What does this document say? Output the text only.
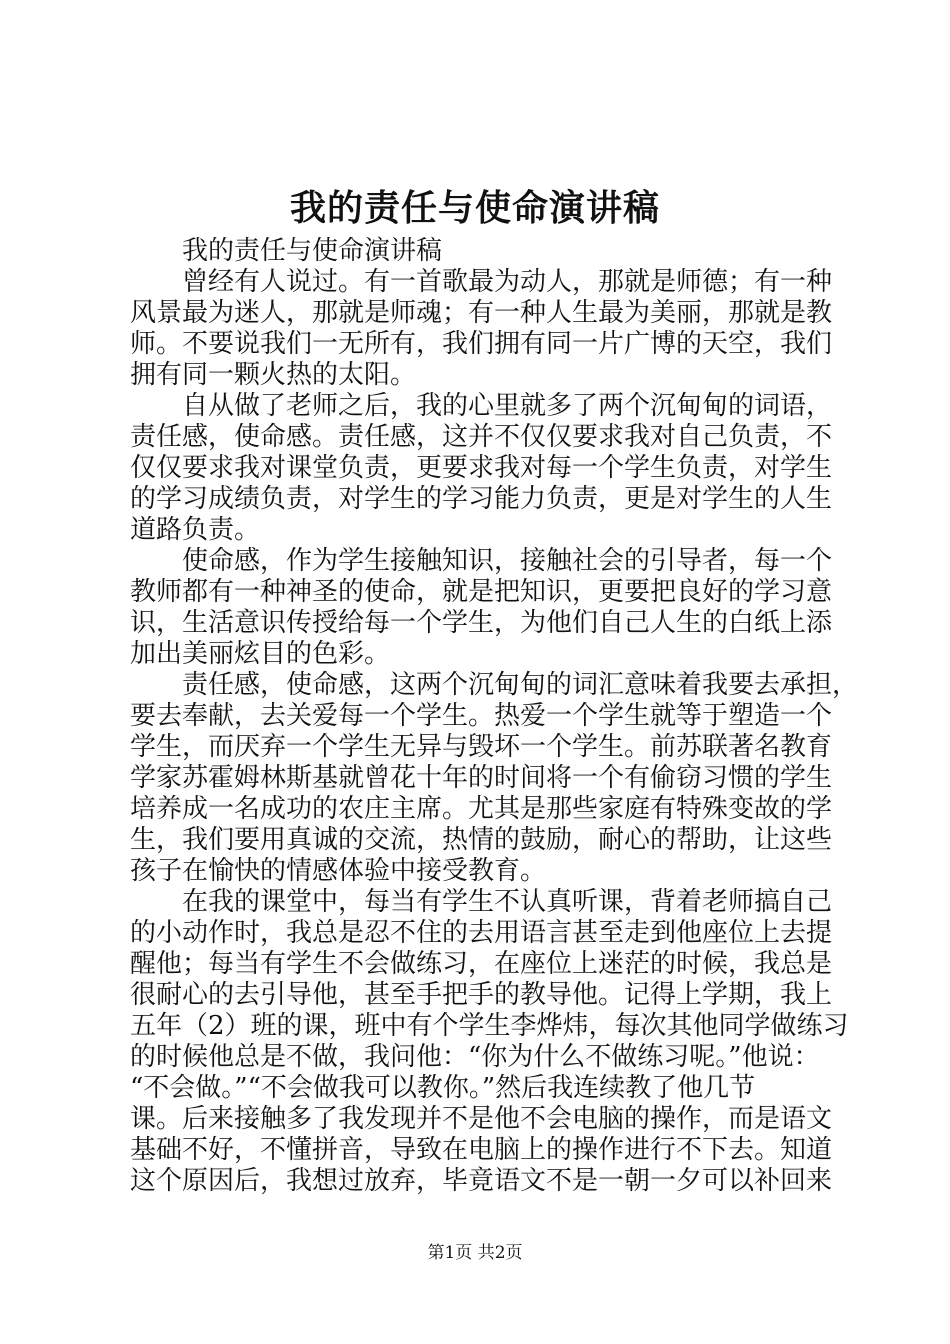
我的责任与使命演讲稿
我的责任与使命演讲稿
曾经有人说过。有一首歌最为动人，那就是师德；有一种
风景最为迷人，那就是师魂；有一种人生最为美丽，那就是教
师。不要说我们一无所有，我们拥有同一片广博的天空，我们
拥有同一颗火热的太阳。
自从做了老师之后，我的心里就多了两个沉甸甸的词语，
责任感，使命感。责任感，这并不仅仅要求我对自己负责，不
仅仅要求我对课堂负责，更要求我对每一个学生负责，对学生
的学习成绩负责，对学生的学习能力负责，更是对学生的人生
道路负责。
使命感，作为学生接触知识，接触社会的引导者，每一个
教师都有一种神圣的使命，就是把知识，更要把良好的学习意
识，生活意识传授给每一个学生，为他们自己人生的白纸上添
加出美丽炫目的色彩。
责任感，使命感，这两个沉甸甸的词汇意味着我要去承担，
要去奉献，去关爱每一个学生。热爱一个学生就等于塑造一个
学生，而厌弃一个学生无异与毁坏一个学生。前苏联著名教育
学家苏霍姆林斯基就曾花十年的时间将一个有偷窃习惯的学生
培养成一名成功的农庄主席。尤其是那些家庭有特殊变故的学
生，我们要用真诚的交流，热情的鼓励，耐心的帮助，让这些
孩子在愉快的情感体验中接受教育。
在我的课堂中，每当有学生不认真听课，背着老师搞自己
的小动作时，我总是忍不住的去用语言甚至走到他座位上去提
醒他；每当有学生不会做练习，在座位上迷茫的时候，我总是
很耐心的去引导他，甚至手把手的教导他。记得上学期，我上
五年（2）班的课，班中有个学生李烨炜，每次其他同学做练习
的时候他总是不做，我问他：“你为什么不做练习呢。”他说：
“不会做。”“不会做我可以教你。”然后我连续教了他几节
课。后来接触多了我发现并不是他不会电脑的操作，而是语文
基础不好，不懂拼音，导致在电脑上的操作进行不下去。知道
这个原因后，我想过放弃，毕竟语文不是一朝一夕可以补回来
第1页 共2页
